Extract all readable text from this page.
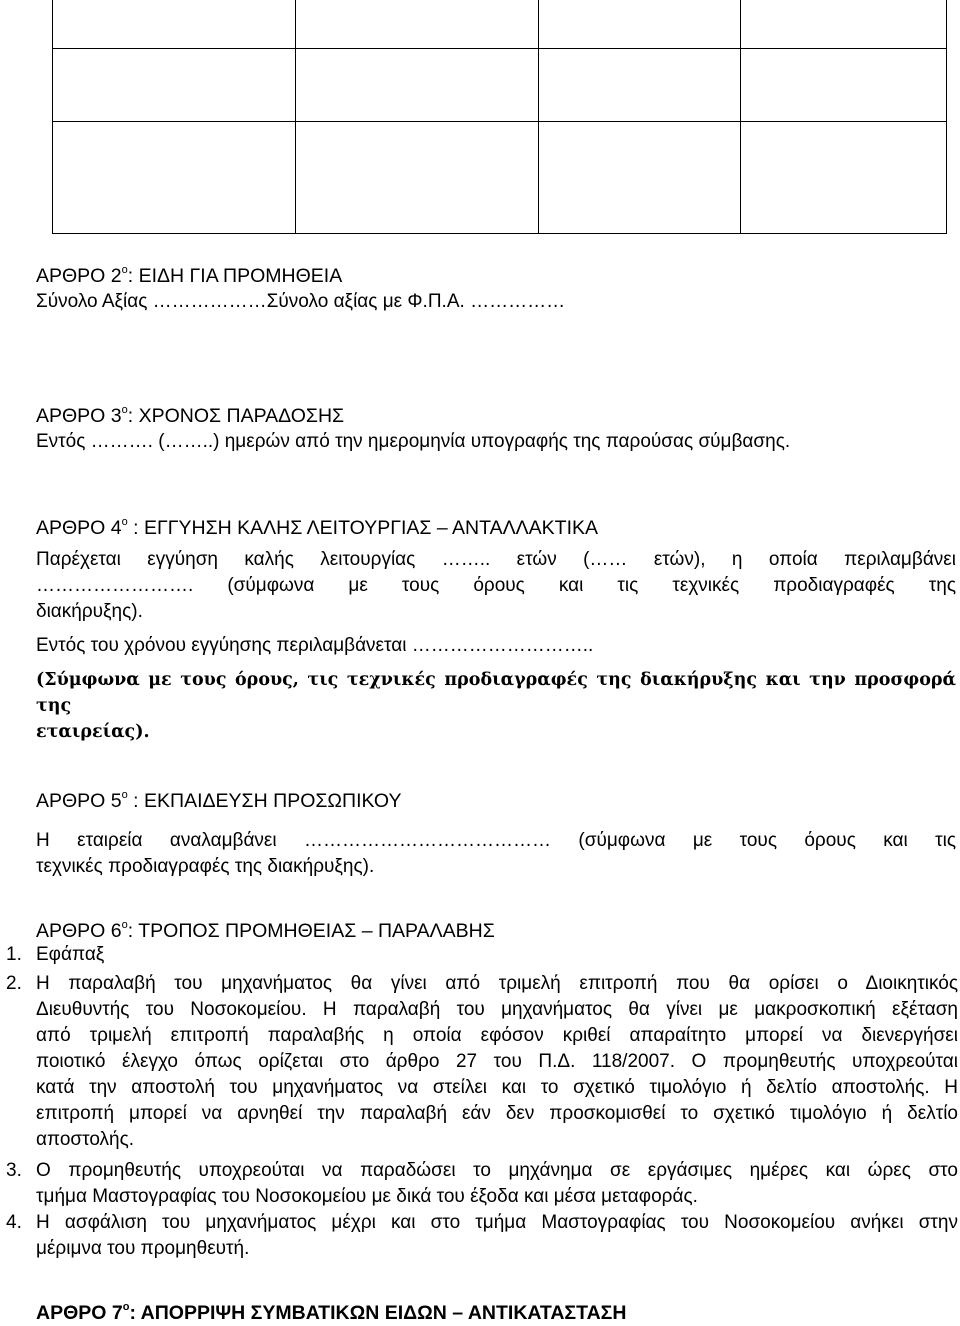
ΑΡΘΡΟ $2^o$: ΕΙΔΗ ΓΙΑ ΠΡΟΜΗΘΕΙΑ
Σύνολο Αξίας ………………Σύνολο αξίας με Φ.Π.Α. ……………
ΑΡΘΡΟ $3^o$: ΧΡΟΝΟΣ ΠΑΡΑΔΟΣΗΣ
Εντός ………. (……..) ημερών από την ημερομηνία υπογραφής της παρούσας σύμβασης.
ΑΡΘΡΟ $4^o$ : ΕΓΓΥΗΣΗ ΚΑΛΗΣ ΛΕΙΤΟΥΡΓΙΑΣ – ΑΝΤΑΛΛΑΚΤΙΚΑ
Παρέχεται εγγύηση καλής λειτουργίας …….. ετών (…… ετών), η οποία περιλαμβάνει
……………………. (σύμφωνα με τους όρους και τις τεχνικές προδιαγραφές της
διακήρυξης).
Εντός του χρόνου εγγύησης περιλαμβάνεται ………………………..
(Σύμφωνα με τους όρους, τις τεχνικές προδιαγραφές της διακήρυξης και την προσφορά της
εταιρείας).
ΑΡΘΡΟ $5^o$ : ΕΚΠΑΙΔΕΥΣΗ ΠΡΟΣΩΠΙΚΟΥ
Η εταιρεία αναλαμβάνει ………………………………… (σύμφωνα με τους όρους και τις
τεχνικές προδιαγραφές της διακήρυξης).
ΑΡΘΡΟ $6^o$: ΤΡΟΠΟΣ ΠΡΟΜΗΘΕΙΑΣ – ΠΑΡΑΛΑΒΗΣ
1. Εφάπαξ
2. Η παραλαβή του μηχανήματος θα γίνει από τριμελή επιτροπή που θα ορίσει ο Διοικητικός
Διευθυντής του Νοσοκομείου. Η παραλαβή του μηχανήματος θα γίνει με μακροσκοπική εξέταση
από τριμελή επιτροπή παραλαβής η οποία εφόσον κριθεί απαραίτητο μπορεί να διενεργήσει
ποιοτικό έλεγχο όπως ορίζεται στο άρθρο 27 του Π.Δ. 118/2007. Ο προμηθευτής υποχρεούται
κατά την αποστολή του μηχανήματος να στείλει και το σχετικό τιμολόγιο ή δελτίο αποστολής. Η
επιτροπή μπορεί να αρνηθεί την παραλαβή εάν δεν προσκομισθεί το σχετικό τιμολόγιο ή δελτίο
αποστολής.
3. Ο προμηθευτής υποχρεούται να παραδώσει το μηχάνημα σε εργάσιμες ημέρες και ώρες στο
τμήμα Μαστογραφίας του Νοσοκομείου με δικά του έξοδα και μέσα μεταφοράς.
4. Η ασφάλιση του μηχανήματος μέχρι και στο τμήμα Μαστογραφίας του Νοσοκομείου ανήκει στην
μέριμνα του προμηθευτή.
ΑΡΘΡΟ $7^o$: ΑΠΟΡΡΙΨΗ ΣΥΜΒΑΤΙΚΩΝ ΕΙΔΩΝ – ΑΝΤΙΚΑΤΑΣΤΑΣΗ
